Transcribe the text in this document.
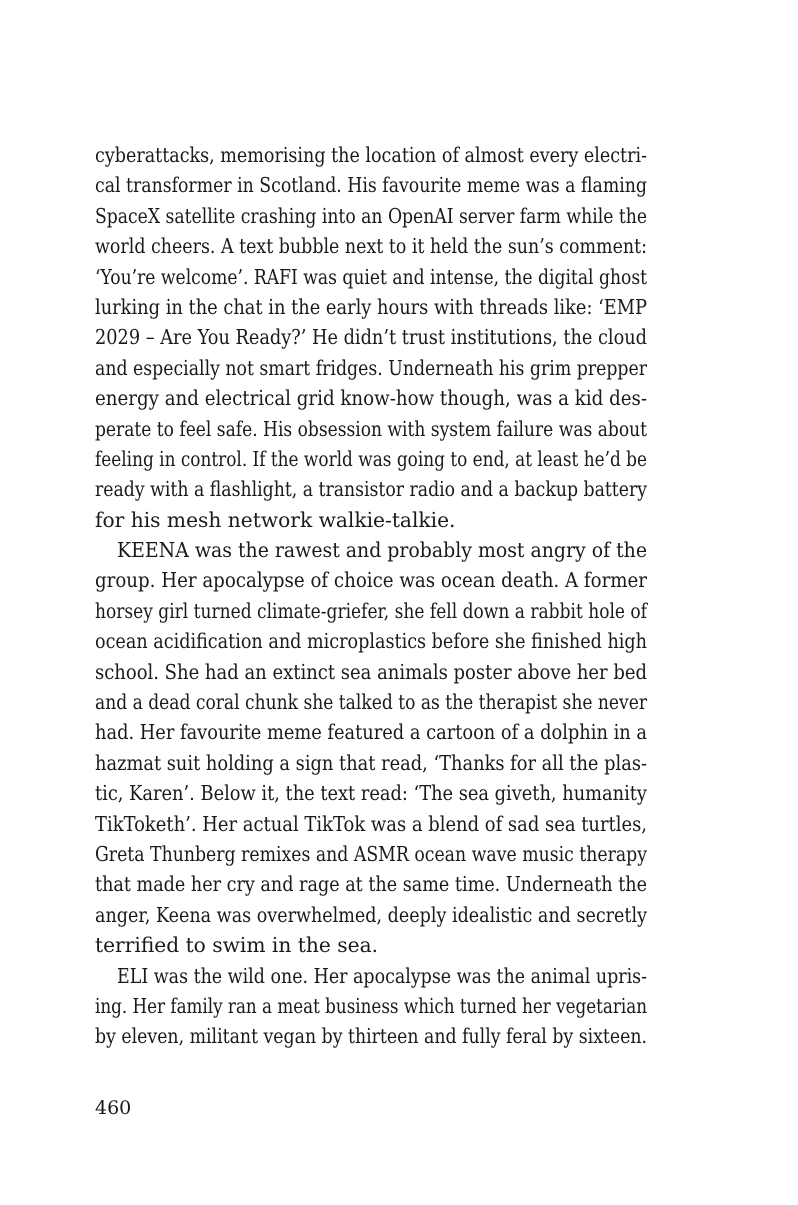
cyberattacks, memorising the location of almost every electri-
cal transformer in Scotland. His favourite meme was a flaming
SpaceX satellite crashing into an OpenAI server farm while the
world cheers. A text bubble next to it held the sun’s comment:
‘You’re welcome’. RAFI was quiet and intense, the digital ghost
lurking in the chat in the early hours with threads like: ‘EMP
2029 – Are You Ready?’ He didn’t trust institutions, the cloud
and especially not smart fridges. Underneath his grim prepper
energy and electrical grid know-how though, was a kid des-
perate to feel safe. His obsession with system failure was about
feeling in control. If the world was going to end, at least he’d be
ready with a flashlight, a transistor radio and a backup battery
for his mesh network walkie-talkie.
KEENA was the rawest and probably most angry of the
group. Her apocalypse of choice was ocean death. A former
horsey girl turned climate-griefer, she fell down a rabbit hole of
ocean acidification and microplastics before she finished high
school. She had an extinct sea animals poster above her bed
and a dead coral chunk she talked to as the therapist she never
had. Her favourite meme featured a cartoon of a dolphin in a
hazmat suit holding a sign that read, ‘Thanks for all the plas-
tic, Karen’. Below it, the text read: ‘The sea giveth, humanity
TikToketh’. Her actual TikTok was a blend of sad sea turtles,
Greta Thunberg remixes and ASMR ocean wave music therapy
that made her cry and rage at the same time. Underneath the
anger, Keena was overwhelmed, deeply idealistic and secretly
terrified to swim in the sea.
ELI was the wild one. Her apocalypse was the animal upris-
ing. Her family ran a meat business which turned her vegetarian
by eleven, militant vegan by thirteen and fully feral by sixteen.
460
